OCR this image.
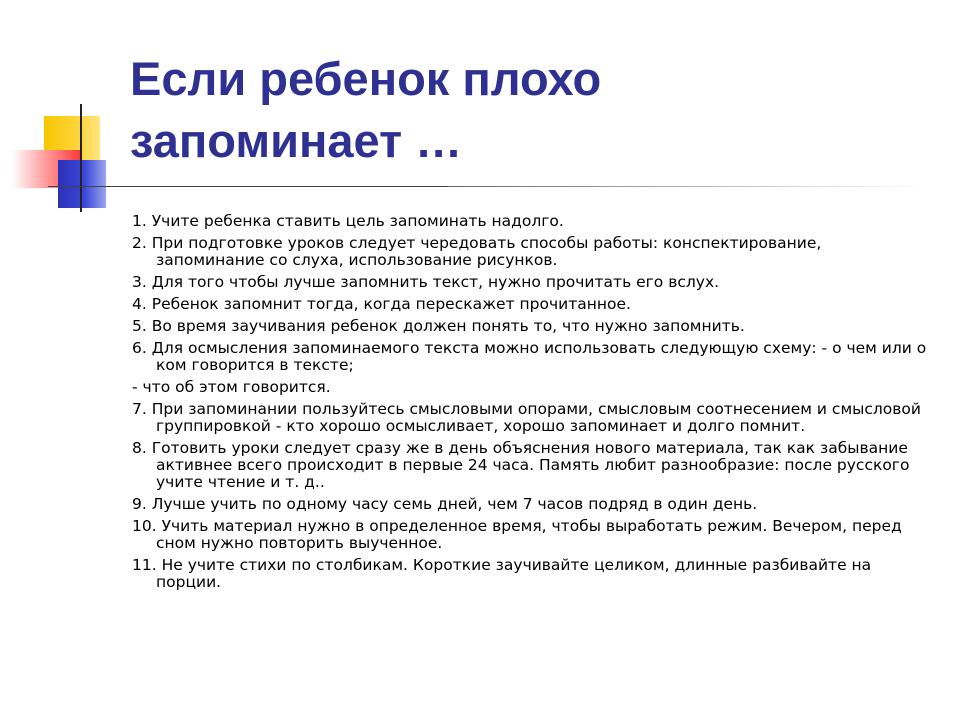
Если ребенок плохо
запоминает …

1. Учите ребенка ставить цель запоминать надолго.

2. При подготовке уроков следует чередовать способы работы: конспектирование, запоминание со слуха, использование рисунков.

3. Для того чтобы лучше запомнить текст, нужно прочитать его вслух.

4. Ребенок запомнит тогда, когда перескажет прочитанное.

5. Во время заучивания ребенок должен понять то, что нужно запомнить.

6. Для осмысления запоминаемого текста можно использовать следующую схему: - о чем или о ком говорится в тексте;

- что об этом говорится.

7. При запоминании пользуйтесь смысловыми опорами, смысловым соотнесением и смысловой группировкой - кто хорошо осмысливает, хорошо запоминает и долго помнит.

8. Готовить уроки следует сразу же в день объяснения нового материала, так как забывание активнее всего происходит в первые 24 часа. Память любит разнообразие: после русского учите чтение и т. д..

9. Лучше учить по одному часу семь дней, чем 7 часов подряд в один день.

10. Учить материал нужно в определенное время, чтобы выработать режим. Вечером, перед сном нужно повторить выученное.

11. Не учите стихи по столбикам. Короткие заучивайте целиком, длинные разбивайте на порции.
